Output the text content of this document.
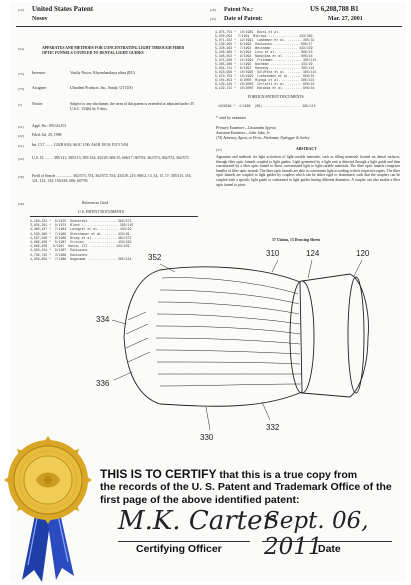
(12) United States Patent
Nosov
(10) Patent No.:	US 6,208,788 B1
(45) Date of Patent:	Mar. 27, 2001
(54)	APPARATUS AND METHODS FOR CONCENTRATING LIGHT THROUGH FIBER OPTIC FUNNELS COUPLED TO DENTAL LIGHT GUIDES
(75) Inventor:	Vasiliy Nosov, Khyrmlansksya ulitsa (RU)
(73) Assignee:	Ultradent Products, Inc., Sandy, UT (US)
(*)	Notice:	Subject to any disclaimer, the term of this patent is extended or adjusted under 35 U.S.C. 154(b) by 0 days.
(21) Appl. No.: 09/124,101
(22) Filed: Jul. 29, 1998
(51) Int. Cl.7 ........ G02B 6/04; A61C 1/00; A61B 18/18; F21V 5/04
(52) U.S. Cl. ........ 385/121; 385/115; 385/134; 433/29; 606/15; 606/17; 607/93; 362/574; 362/572; 362/573
(58) Field of Search ................. 362/573, 574, 362/572, 554; 433/29, 215; 606/2, 13, 14, 15, 17; 385/115, 116, 121, 123, 134; 156/418; 606; 607/93
(56)	References Cited
U.S. PATENT DOCUMENTS
3,190,232 *  6/1975  Sedzerski .............. 362/573
3,834,391 *  9/1974  Block ................... 385/115
4,460,337 *  7/1984  Lundgrel et al. ......... 433/29
4,539,380 *  7/1985  Steinhauer et al. ...... 433/29
4,597,030 *  6/1986  Brody et al. ........... 362/572
4,666,406 *  5/1987  Ericson ................ 433/229
4,666,406   5/1987  Kanca, III ............. 433/229
4,693,244 *  9/1987  Daikuzono
4,736,745 *  4/1988  Daikuzono
4,849,859 *  7/1989  Nagasawa ............... 385/134
4,875,754 *  10/1989  Bucsi et al.
5,030,093   7/1991  Mitrani ............... 433/364
5,071,222 *  12/1991  Laakmann et al. ....... 385/31
5,139,495 *  8/1992  Daikuzono ............. 606/17
5,326,263 *  7/1994  Weissman ............. 433/229
5,346,489 *  9/1994  Levy et al. ........... 606/15
5,348,552 *  9/1994  Nakajima et al. ....... 606/16
5,374,826 *  12/1994  Friedman .............. 385/115
5,385,286 *  1/1995  Bachman ............... 433/29
5,634,711 *  6/1997  Kennedy ............... 385/115
5,823,958 *  10/1998  Goldfine et al. ....... 385/115
5,972,753 *  10/1999  Liebermann et al. ..... 606/15
6,104,853 *  8/2000  Miyagi et al. ......... 385/115
6,139,319 *  10/2000  Cerretti et al. ....... 606/15
6,129,721 *  10/2000  Kataoka et al. ........ 606/16
FOREIGN PATENT DOCUMENTS
1026596 *  4/1966  (GB) ................... 385/115
* cited by examiner
Primary Examiner—Cassandra Spyrou
Assistant Examiner—John Juba, Jr.
(74) Attorney, Agent, or Firm—Workman, Nydegger & Seeley
(57)	ABSTRACT
Apparatus and methods for light activation of light-curable materials, such as filling materials located on dental surfaces, through fiber optic funnels coupled to light guides. Light generated by a light unit is directed through a light guide and then concentrated by a fiber optic funnel to direct concentrated light to light-curable materials. The fiber optic funnels comprises bundles of fiber optic strands. The fiber optic funnels are able to concentrate light according to their respective tapers. The fiber optic funnels are coupled to light guides by couplers which can be either rigid or elastomeric such that the couplers can be coupled with a specific light guide or conformed to light guides having different diameters. A coupler can also enable a fiber optic funnel to pivot.
37 Claims, 13 Drawing Sheets
352	310	124	120
334
336
330
332
THIS IS TO CERTIFY that this is a true copy from
the records of the U. S. Patent and Trademark Office of the
first page of the above identified patent:
M.K. Carter
Sept. 06, 2011
Certifying Officer	Date
